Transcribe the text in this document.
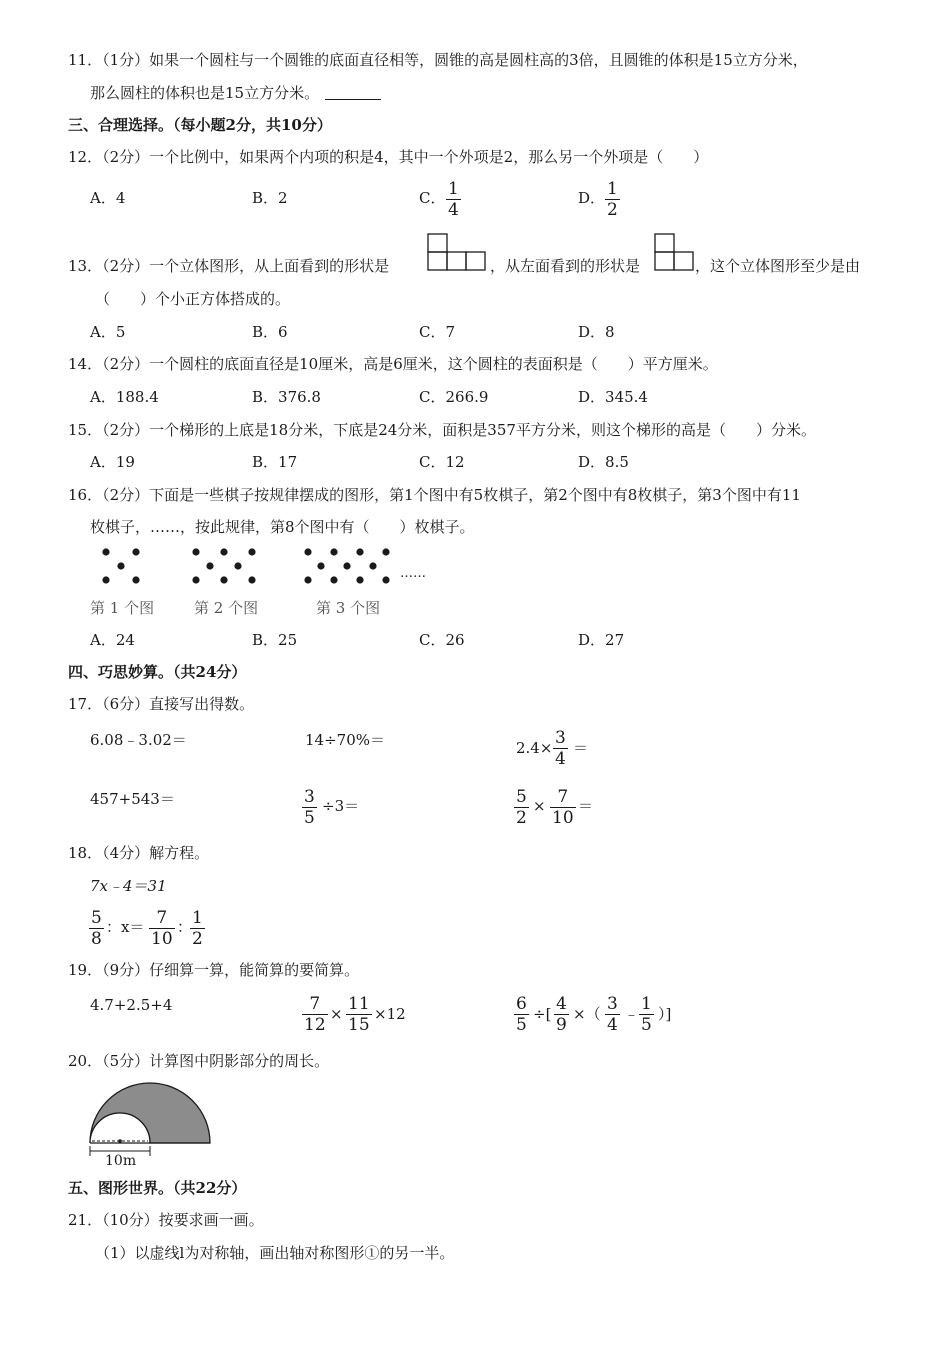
11．（1分）如果一个圆柱与一个圆锥的底面直径相等，圆锥的高是圆柱高的3倍，且圆锥的体积是15立方分米，
那么圆柱的体积也是15立方分米。
三、合理选择。（每小题2分，共10分）
12．（2分）一个比例中，如果两个内项的积是4，其中一个外项是2，那么另一个外项是（　　）
A．4	B．2	C． $\frac{1}{4}$	D． $\frac{1}{2}$
13．（2分）一个立体图形，从上面看到的形状是	，从左面看到的形状是	，这个立体图形至少是由
（　　）个小正方体搭成的。
A．5	B．6	C．7	D．8
14．（2分）一个圆柱的底面直径是10厘米，高是6厘米，这个圆柱的表面积是（　　）平方厘米。
A．188.4	B．376.8	C．266.9	D．345.4
15．（2分）一个梯形的上底是18分米，下底是24分米，面积是357平方分米，则这个梯形的高是（　　）分米。
A．19	B．17	C．12	D．8.5
16．（2分）下面是一些棋子按规律摆成的图形，第1个图中有5枚棋子，第2个图中有8枚棋子，第3个图中有11
枚棋子，……，按此规律，第8个图中有（　　）枚棋子。
……
第 1 个图	第 2 个图	第 3 个图
A．24	B．25	C．26	D．27
四、巧思妙算。（共24分）
17．（6分）直接写出得数。
6.08﹣3.02＝	14÷70%＝	$2.4\times \frac{3}{4}$ ＝
457+543＝	$\frac{3}{5} \div 3=$	$\frac{5}{2} \times \frac{7}{10}$ ＝
18．（4分）解方程。
7x﹣4＝31
$\frac{5}{8}$ ：$x= \frac{7}{10}$ ：
$\frac{1}{2}$
19．（9分）仔细算一算，能简算的要简算。
4.7+2.5+4	$\frac{7}{12} \times \frac{11}{15} \times 12$	$\frac{6}{5}$ ÷[ $\frac{4}{9}$ ×（ $\frac{3}{4}$ ﹣ $\frac{1}{5}$ ）]
20．（5分）计算图中阴影部分的周长。
10m
五、图形世界。（共22分）
21．（10分）按要求画一画。
（1）以虚线l为对称轴，画出轴对称图形①的另一半。
